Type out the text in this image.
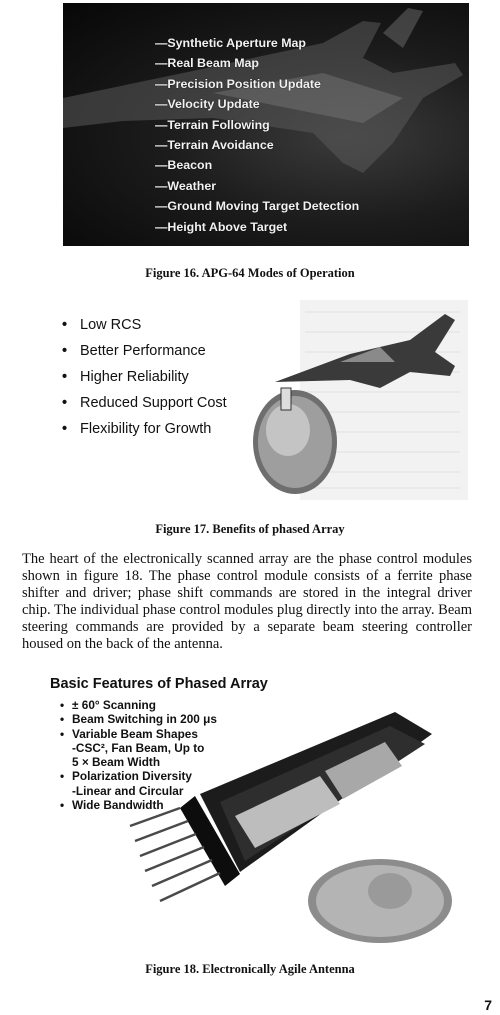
— Synthetic Aperture Map
— Real Beam Map
— Precision Position Update
— Velocity Update
— Terrain Following
— Terrain Avoidance
— Beacon
— Weather
— Ground Moving Target Detection
— Height Above Target
Figure 16. APG-64 Modes of Operation
• Low RCS
• Better Performance
• Higher Reliability
• Reduced Support Cost
• Flexibility for Growth
Figure 17. Benefits of phased Array

The heart of the electronically scanned array are the phase control modules shown in figure 18. The phase control module consists of a ferrite phase shifter and driver; phase shift commands are stored in the integral driver chip. The individual phase control modules plug directly into the array. Beam steering commands are provided by a separate beam steering controller housed on the back of the antenna.

Basic Features of Phased Array
• ± 60° Scanning
• Beam Switching in 200 μs
• Variable Beam Shapes
-CSC², Fan Beam, Up to
5 × Beam Width
• Polarization Diversity
-Linear and Circular
• Wide Bandwidth
Figure 18. Electronically Agile Antenna
7
